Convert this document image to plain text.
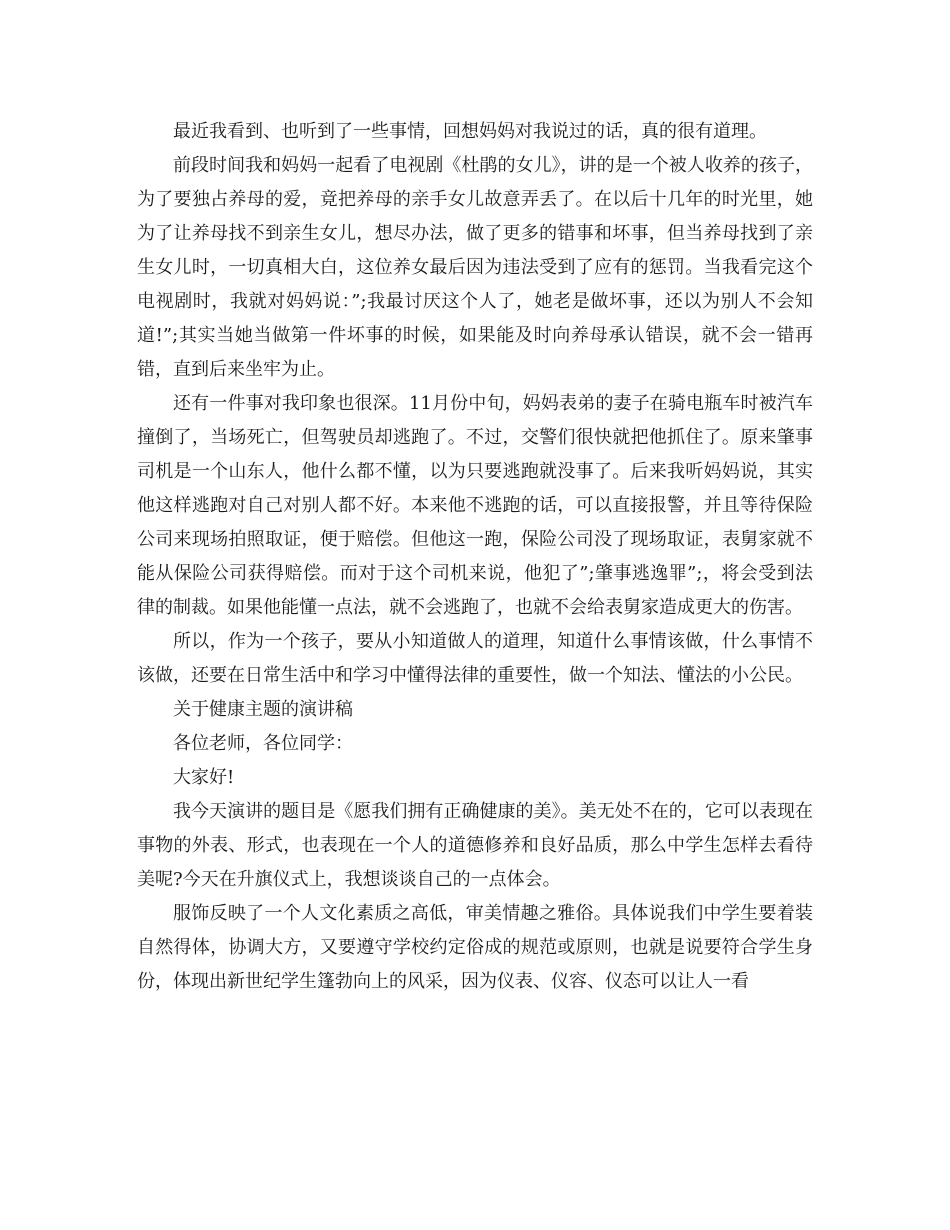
最近我看到、也听到了一些事情，回想妈妈对我说过的话，真的很有道理。

前段时间我和妈妈一起看了电视剧《杜鹃的女儿》，讲的是一个被人收养的孩子，为了要独占养母的爱，竟把养母的亲手女儿故意弄丢了。在以后十几年的时光里，她为了让养母找不到亲生女儿，想尽办法，做了更多的错事和坏事，但当养母找到了亲生女儿时，一切真相大白，这位养女最后因为违法受到了应有的惩罚。当我看完这个电视剧时，我就对妈妈说：”;我最讨厌这个人了，她老是做坏事，还以为别人不会知道!”;其实当她当做第一件坏事的时候，如果能及时向养母承认错误，就不会一错再错，直到后来坐牢为止。

还有一件事对我印象也很深。11月份中旬，妈妈表弟的妻子在骑电瓶车时被汽车撞倒了，当场死亡，但驾驶员却逃跑了。不过，交警们很快就把他抓住了。原来肇事司机是一个山东人，他什么都不懂，以为只要逃跑就没事了。后来我听妈妈说，其实他这样逃跑对自己对别人都不好。本来他不逃跑的话，可以直接报警，并且等待保险公司来现场拍照取证，便于赔偿。但他这一跑，保险公司没了现场取证，表舅家就不能从保险公司获得赔偿。而对于这个司机来说，他犯了”;肇事逃逸罪”;，将会受到法律的制裁。如果他能懂一点法，就不会逃跑了，也就不会给表舅家造成更大的伤害。

所以，作为一个孩子，要从小知道做人的道理，知道什么事情该做，什么事情不该做，还要在日常生活中和学习中懂得法律的重要性，做一个知法、懂法的小公民。

关于健康主题的演讲稿

各位老师，各位同学：

大家好!

我今天演讲的题目是《愿我们拥有正确健康的美》。美无处不在的，它可以表现在事物的外表、形式，也表现在一个人的道德修养和良好品质，那么中学生怎样去看待美呢?今天在升旗仪式上，我想谈谈自己的一点体会。

服饰反映了一个人文化素质之高低，审美情趣之雅俗。具体说我们中学生要着装自然得体，协调大方，又要遵守学校约定俗成的规范或原则，也就是说要符合学生身份，体现出新世纪学生篷勃向上的风采，因为仪表、仪容、仪态可以让人一看
